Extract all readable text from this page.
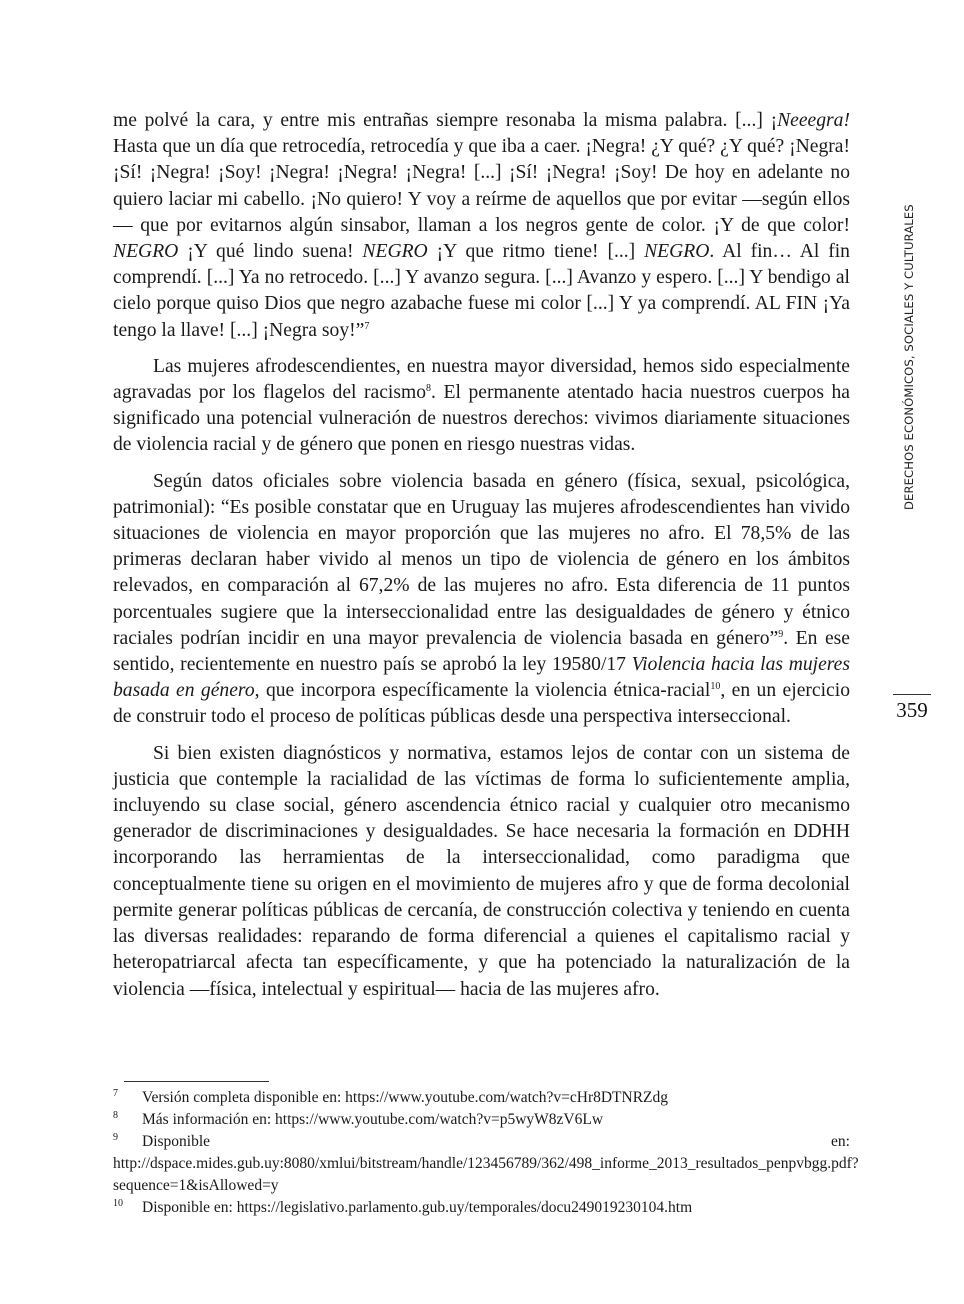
me polvé la cara, y entre mis entrañas siempre resonaba la misma palabra. [...] ¡Neeegra! Hasta que un día que retrocedía, retrocedía y que iba a caer. ¡Negra! ¿Y qué? ¿Y qué? ¡Negra! ¡Sí! ¡Negra! ¡Soy! ¡Negra! ¡Negra! ¡Negra! [...] ¡Sí! ¡Negra! ¡Soy! De hoy en adelante no quiero laciar mi cabello. ¡No quiero! Y voy a reírme de aquellos que por evitar —según ellos— que por evitarnos algún sinsabor, llaman a los negros gente de color. ¡Y de que color! NEGRO ¡Y qué lindo suena! NEGRO ¡Y que ritmo tiene! [...] NEGRO. Al fin… Al fin comprendí. [...] Ya no retrocedo. [...] Y avanzo segura. [...] Avanzo y espero. [...] Y bendigo al cielo porque quiso Dios que negro azabache fuese mi color [...] Y ya comprendí. AL FIN ¡Ya tengo la llave! [...] ¡Negra soy!”$^7$

Las mujeres afrodescendientes, en nuestra mayor diversidad, hemos sido especialmente agravadas por los flagelos del racismo$^8$. El permanente atentado hacia nuestros cuerpos ha significado una potencial vulneración de nuestros derechos: vivimos diariamente situaciones de violencia racial y de género que ponen en riesgo nuestras vidas.

Según datos oficiales sobre violencia basada en género (física, sexual, psicológica, patrimonial): “Es posible constatar que en Uruguay las mujeres afrodescendientes han vivido situaciones de violencia en mayor proporción que las mujeres no afro. El 78,5% de las primeras declaran haber vivido al menos un tipo de violencia de género en los ámbitos relevados, en comparación al 67,2% de las mujeres no afro. Esta diferencia de 11 puntos porcentuales sugiere que la interseccionalidad entre las desigualdades de género y étnico raciales podrían incidir en una mayor prevalencia de violencia basada en género”$^9$. En ese sentido, recientemente en nuestro país se aprobó la ley 19580/17 Violencia hacia las mujeres basada en género, que incorpora específicamente la violencia étnica-racial$^{10}$, en un ejercicio de construir todo el proceso de políticas públicas desde una perspectiva interseccional.

Si bien existen diagnósticos y normativa, estamos lejos de contar con un sistema de justicia que contemple la racialidad de las víctimas de forma lo suficientemente amplia, incluyendo su clase social, género ascendencia étnico racial y cualquier otro mecanismo generador de discriminaciones y desigualdades. Se hace necesaria la formación en DDHH incorporando las herramientas de la interseccionalidad, como paradigma que conceptualmente tiene su origen en el movimiento de mujeres afro y que de forma decolonial permite generar políticas públicas de cercanía, de construcción colectiva y teniendo en cuenta las diversas realidades: reparando de forma diferencial a quienes el capitalismo racial y heteropatriarcal afecta tan específicamente, y que ha potenciado la naturalización de la violencia —física, intelectual y espiritual— hacia de las mujeres afro.

DERECHOS ECONÓMICOS, SOCIALES Y CULTURALES
359
7	Versión completa disponible en: https://www.youtube.com/watch?v=cHr8DTNRZdg
8	Más información en: https://www.youtube.com/watch?v=p5wyW8zV6Lw
9	Disponible en: http://dspace.mides.gub.uy:8080/xmlui/bitstream/handle/123456789/362/498_informe_2013_resultados_penpvbgg.pdf?sequence=1&isAllowed=y
10	Disponible en: https://legislativo.parlamento.gub.uy/temporales/docu249019230104.htm
